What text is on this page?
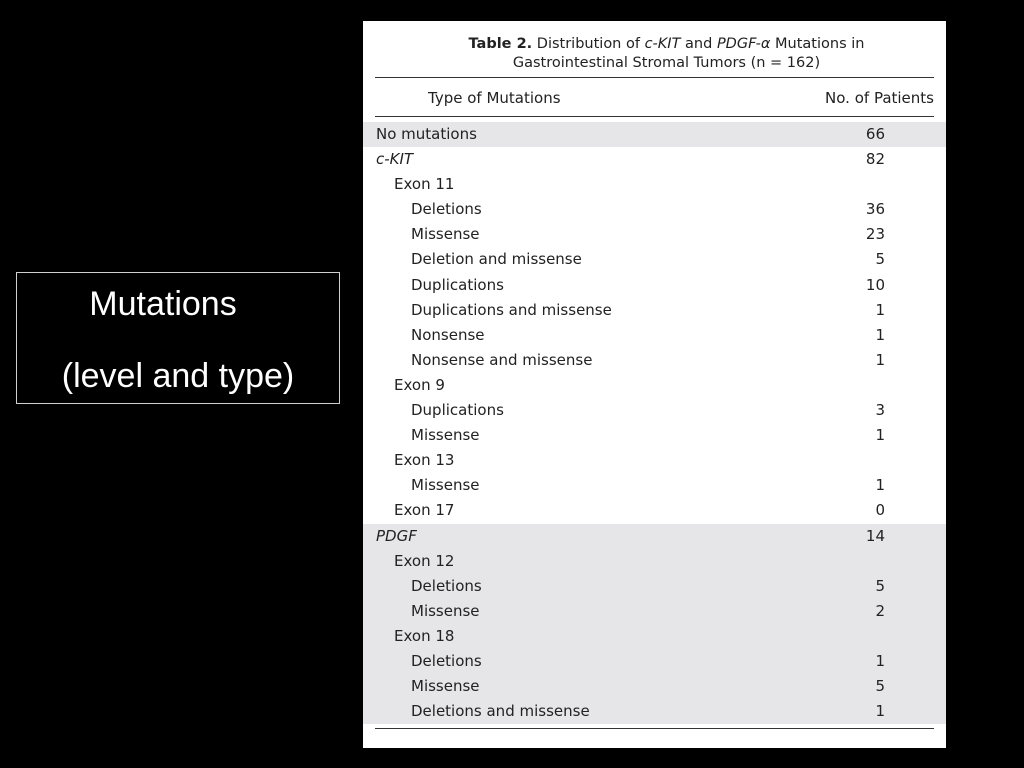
Mutations
(level and type)
Table 2. Distribution of c-KIT and PDGF-α Mutations in
Gastrointestinal Stromal Tumors (n = 162)
Type of Mutations	No. of Patients
No mutations	66
c-KIT	82
Exon 11
Deletions	36
Missense	23
Deletion and missense	5
Duplications	10
Duplications and missense	1
Nonsense	1
Nonsense and missense	1
Exon 9
Duplications	3
Missense	1
Exon 13
Missense	1
Exon 17	0
PDGF	14
Exon 12
Deletions	5
Missense	2
Exon 18
Deletions	1
Missense	5
Deletions and missense	1
